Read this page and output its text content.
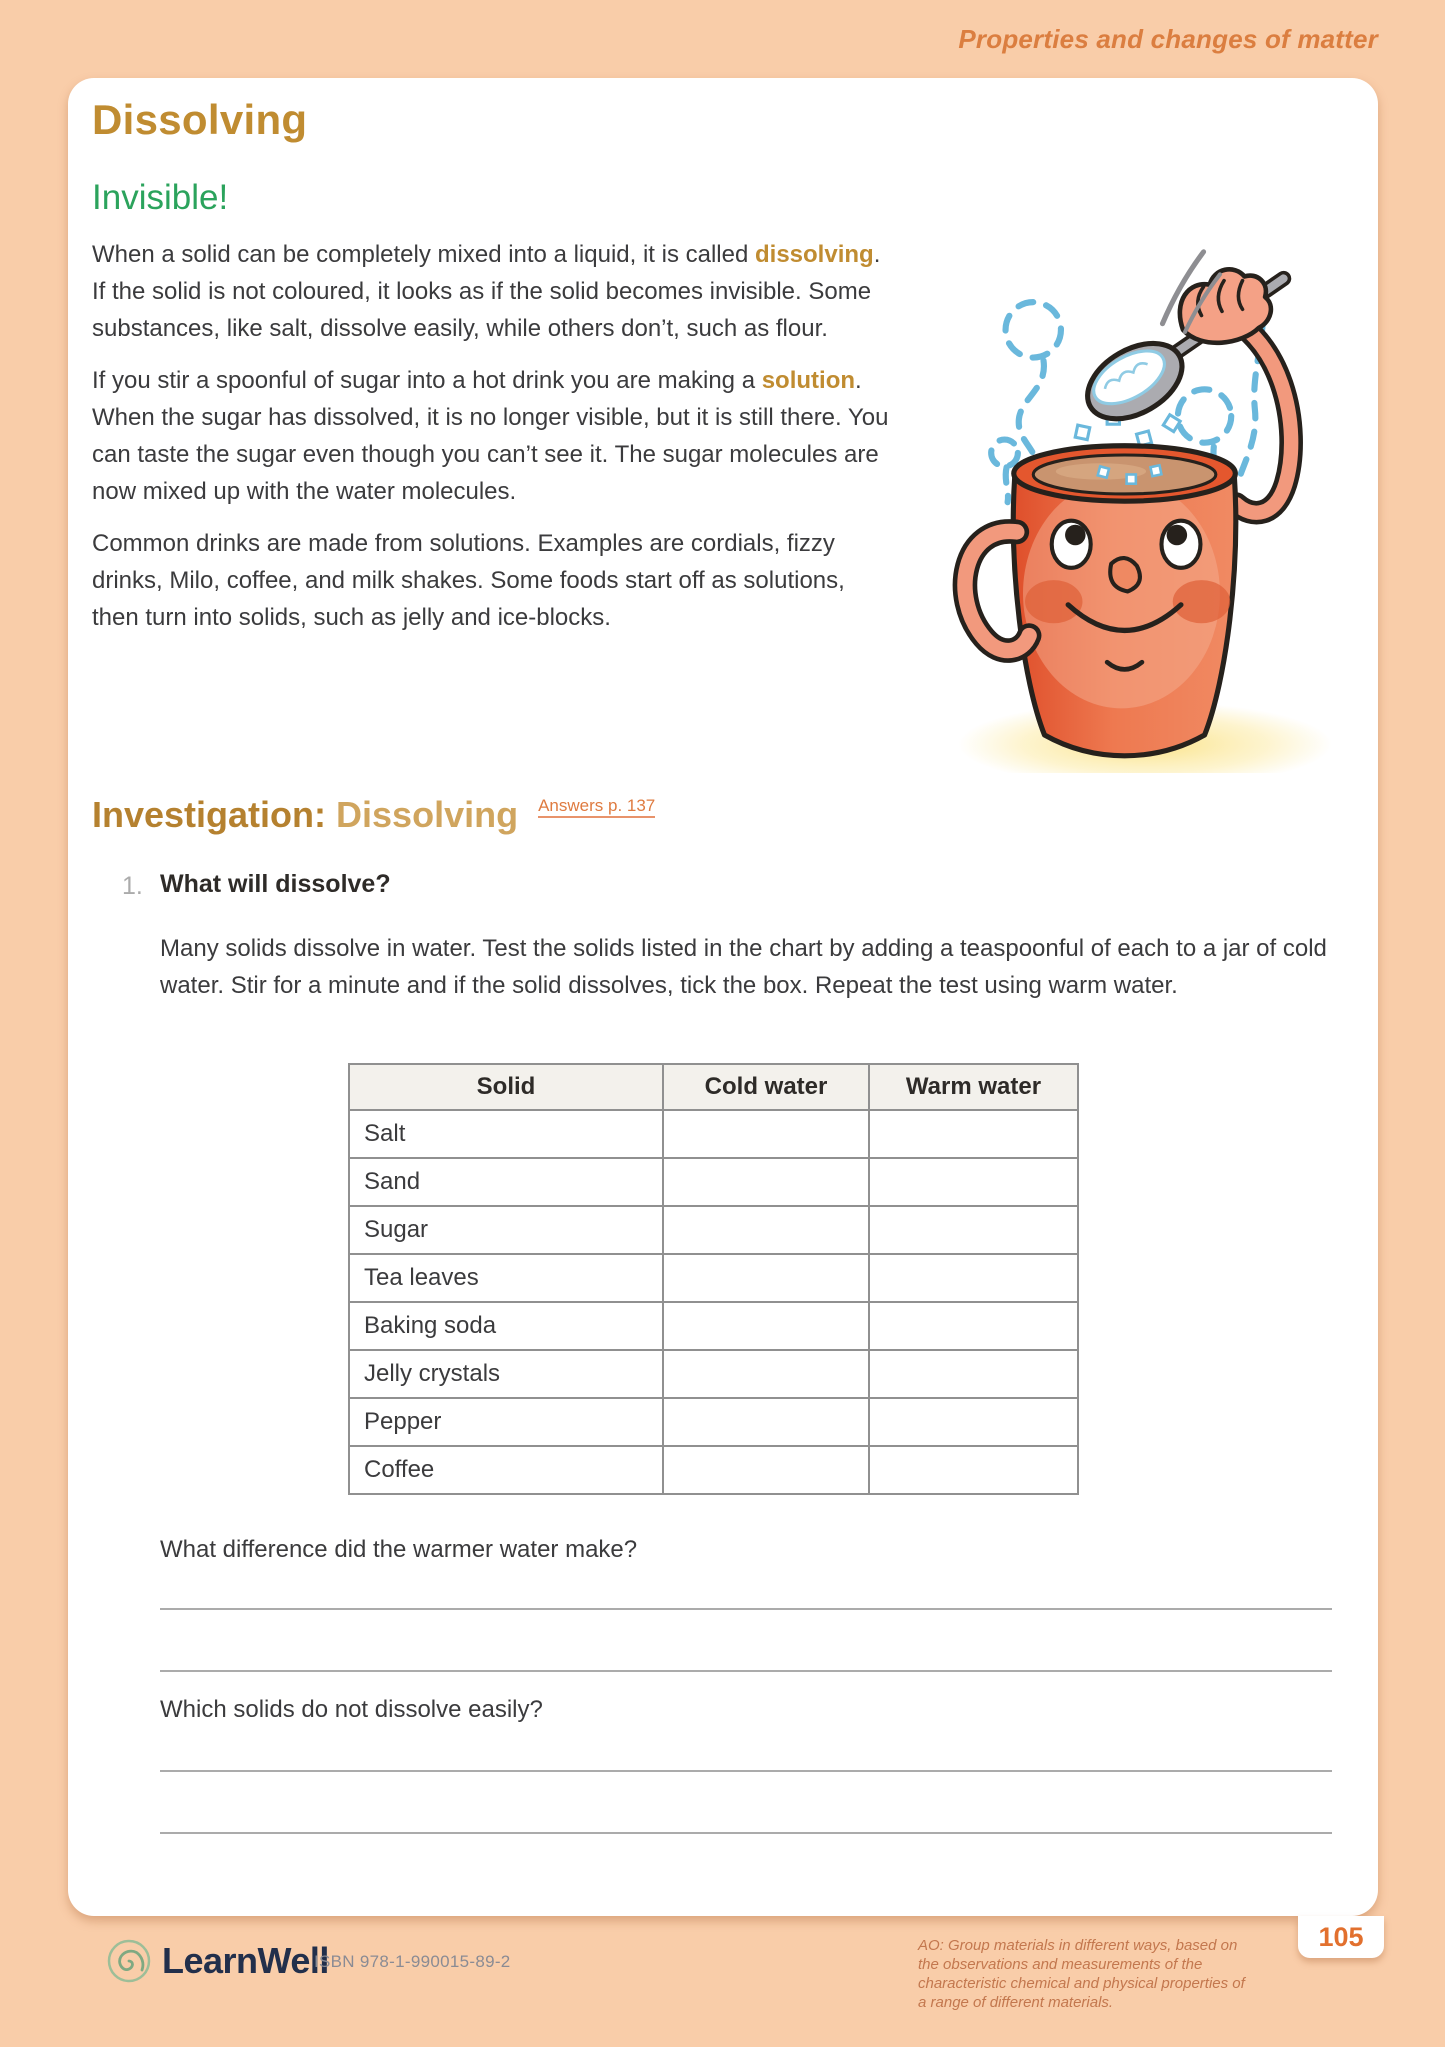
Properties and changes of matter
Dissolving
Invisible!

When a solid can be completely mixed into a liquid, it is called dissolving. If the solid is not coloured, it looks as if the solid becomes invisible. Some substances, like salt, dissolve easily, while others don’t, such as flour.

If you stir a spoonful of sugar into a hot drink you are making a solution. When the sugar has dissolved, it is no longer visible, but it is still there. You can taste the sugar even though you can’t see it. The sugar molecules are now mixed up with the water molecules.

Common drinks are made from solutions. Examples are cordials, fizzy drinks, Milo, coffee, and milk shakes. Some foods start off as solutions, then turn into solids, such as jelly and ice-blocks.

Investigation: Dissolving $^{Answers p. 137}$
1. What will dissolve?
Many solids dissolve in water. Test the solids listed in the chart by adding a teaspoonful of each to a jar of cold water. Stir for a minute and if the solid dissolves, tick the box. Repeat the test using warm water.
Solid	Cold water	Warm water
Salt		
Sand		
Sugar		
Tea leaves		
Baking soda		
Jelly crystals		
Pepper		
Coffee		
What difference did the warmer water make?
Which solids do not dissolve easily?
LearnWell
ISBN 978-1-990015-89-2
AO: Group materials in different ways, based on the observations and measurements of the characteristic chemical and physical properties of a range of different materials.
105
